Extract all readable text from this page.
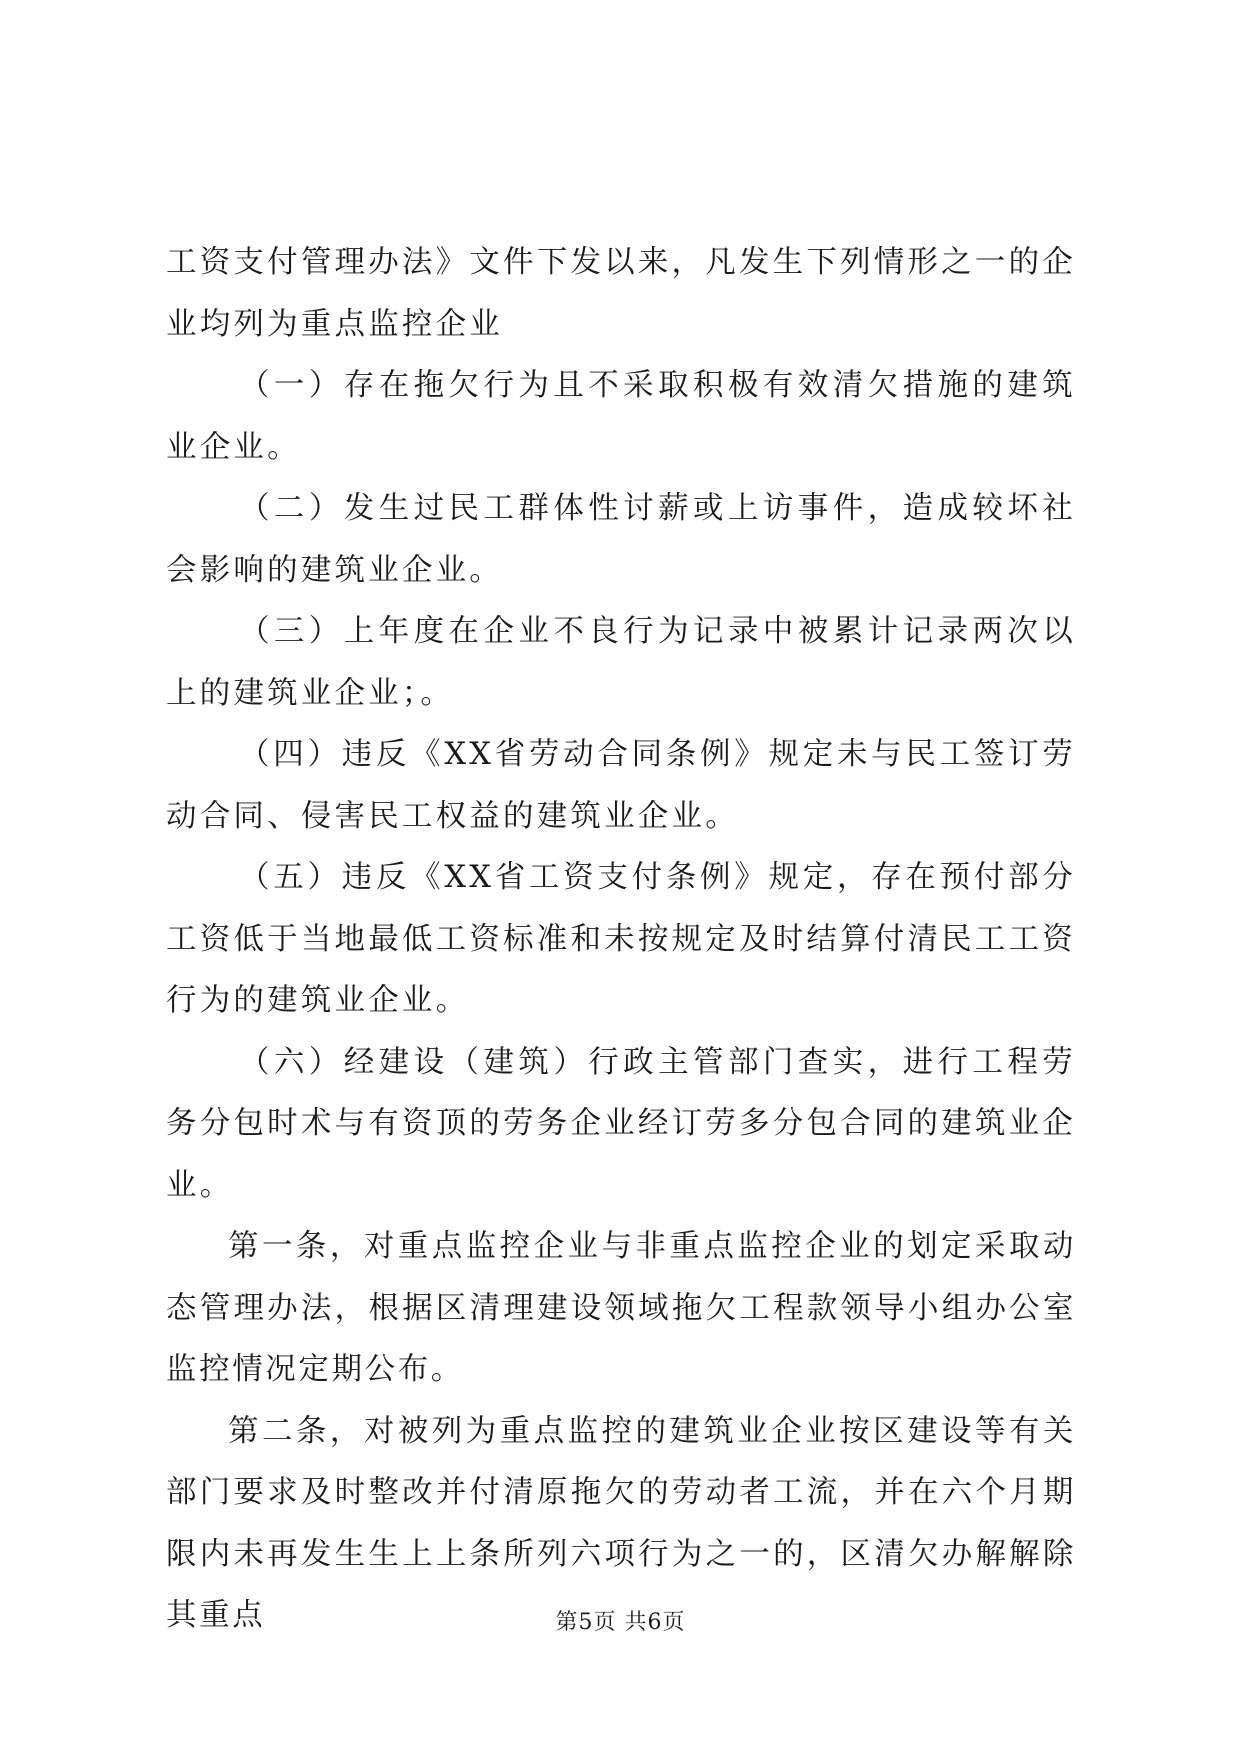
工资支付管理办法》文件下发以来，凡发生下列情形之一的企业均列为重点监控企业

（一）存在拖欠行为且不采取积极有效清欠措施的建筑业企业。

（二）发生过民工群体性讨薪或上访事件，造成较坏社会影响的建筑业企业。

（三）上年度在企业不良行为记录中被累计记录两次以上的建筑业企业；。

（四）违反《XX省劳动合同条例》规定未与民工签订劳动合同、侵害民工权益的建筑业企业。

（五）违反《XX省工资支付条例》规定，存在预付部分工资低于当地最低工资标准和未按规定及时结算付清民工工资行为的建筑业企业。

（六）经建设（建筑）行政主管部门查实，进行工程劳务分包时术与有资顶的劳务企业经订劳多分包合同的建筑业企业。

第一条，对重点监控企业与非重点监控企业的划定采取动态管理办法，根据区清理建设领域拖欠工程款领导小组办公室监控情况定期公布。

第二条，对被列为重点监控的建筑业企业按区建设等有关部门要求及时整改并付清原拖欠的劳动者工流，并在六个月期限内未再发生生上上条所列六项行为之一的，区清欠办解解除其重点	第5页 共6页
